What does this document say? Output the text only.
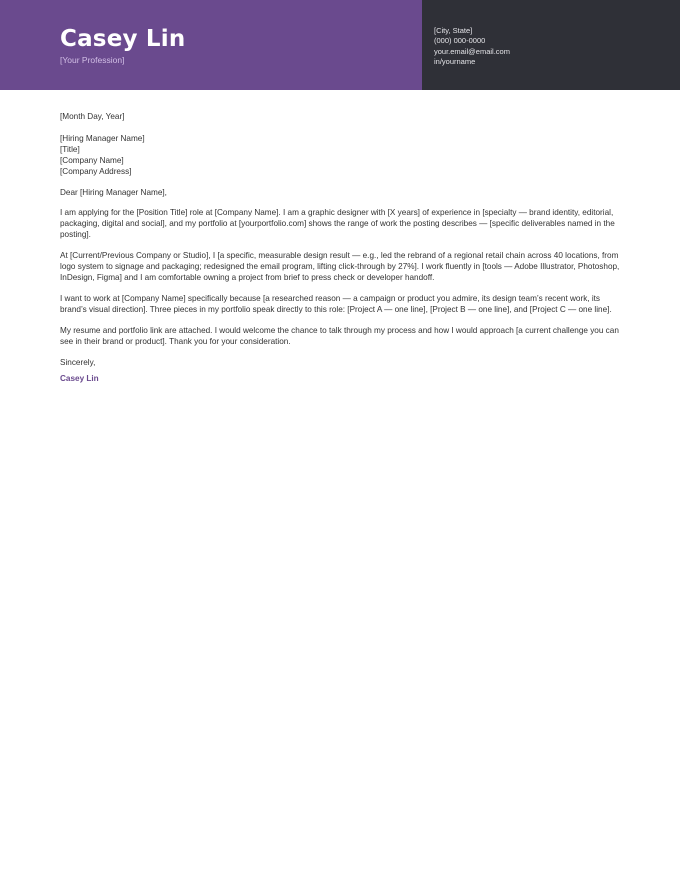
Casey Lin
[Your Profession]
[City, State]
(000) 000-0000
your.email@email.com
in/yourname

[Month Day, Year]

[Hiring Manager Name]
[Title]
[Company Name]
[Company Address]

Dear [Hiring Manager Name],

I am applying for the [Position Title] role at [Company Name]. I am a graphic designer with [X years] of experience in [specialty — brand identity, editorial, packaging, digital and social], and my portfolio at [yourportfolio.com] shows the range of work the posting describes — [specific deliverables named in the posting].

At [Current/Previous Company or Studio], I [a specific, measurable design result — e.g., led the rebrand of a regional retail chain across 40 locations, from logo system to signage and packaging; redesigned the email program, lifting click-through by 27%]. I work fluently in [tools — Adobe Illustrator, Photoshop, InDesign, Figma] and I am comfortable owning a project from brief to press check or developer handoff.

I want to work at [Company Name] specifically because [a researched reason — a campaign or product you admire, its design team’s recent work, its brand’s visual direction]. Three pieces in my portfolio speak directly to this role: [Project A — one line], [Project B — one line], and [Project C — one line].

My resume and portfolio link are attached. I would welcome the chance to talk through my process and how I would approach [a current challenge you can see in their brand or product]. Thank you for your consideration.

Sincerely,

Casey Lin
